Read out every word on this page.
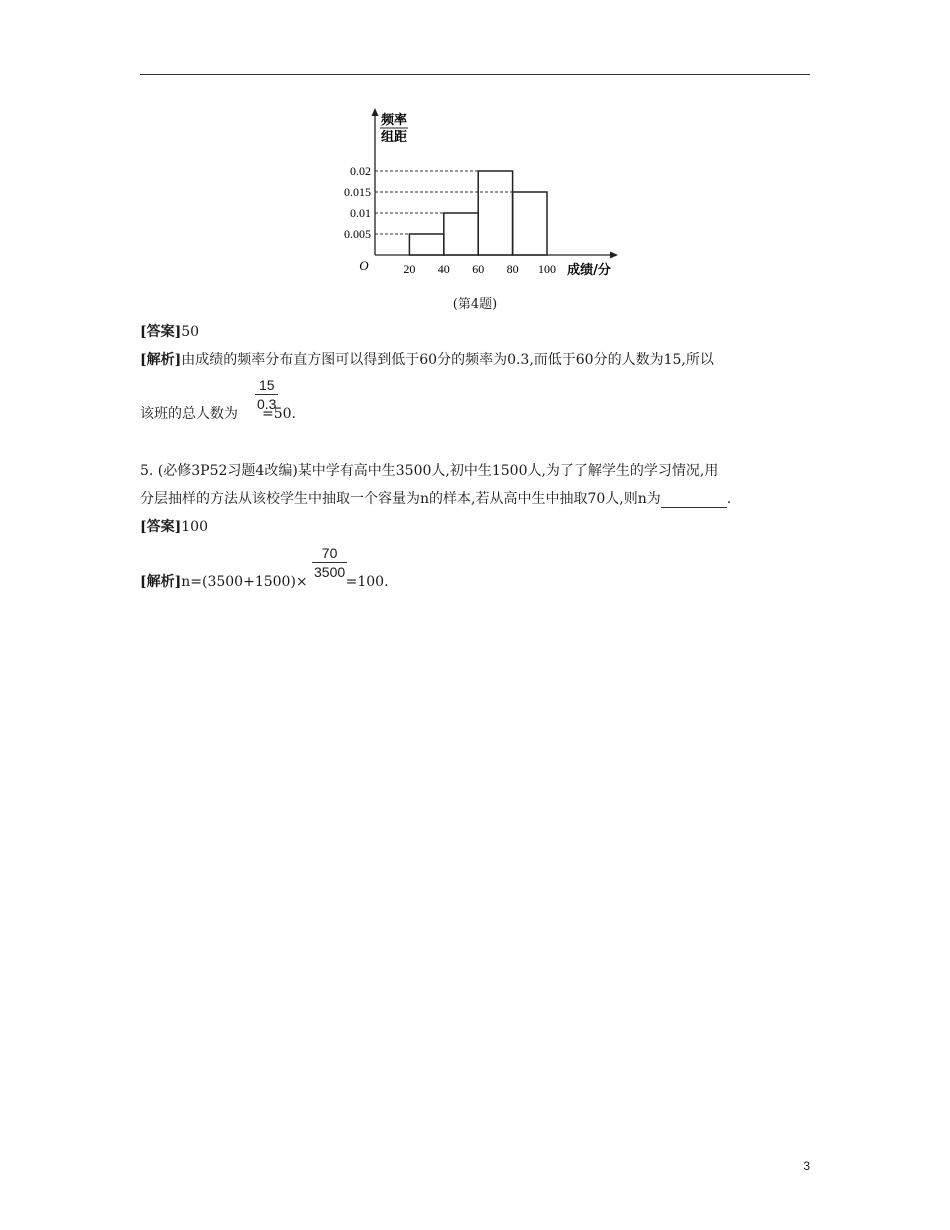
频率
组距
0.005
0.01
0.015
0.02
20 40 60 80 100
O	成绩/分
(第4题)
[答案]50
[解析]由成绩的频率分布直方图可以得到低于60分的频率为0.3,而低于60分的人数为15,所以
该班的总人数为 =50.
15
0.3
5. (必修3P52习题4改编)某中学有高中生3500人,初中生1500人,为了了解学生的学习情况,用
分层抽样的方法从该校学生中抽取一个容量为n的样本,若从高中生中抽取70人,则n为	.
[答案]100
[解析]n=(3500+1500)×	=100.
70
3500
3
